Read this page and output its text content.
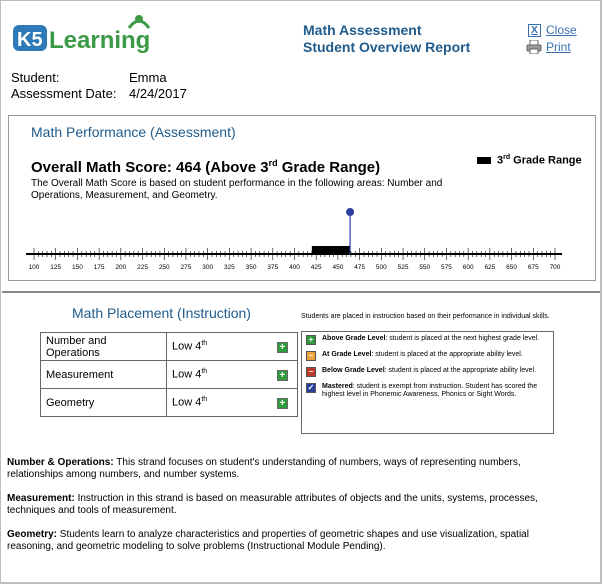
K5 Learning	Math Assessment
Student Overview Report
X Close
Print
Student:	Emma
Assessment Date: 4/24/2017
Math Performance (Assessment)
Overall Math Score: 464 (Above 3rd Grade Range)
The Overall Math Score is based on student performance in the following areas: Number and Operations, Measurement, and Geometry.
3rd Grade Range
100 125 150 175 200 225 250 275 300 325 350 375 400 425 450 475 500 525 550 575 600 625 650 675 700
Math Placement (Instruction)
Number and Operations	Low 4th	+
Measurement	Low 4th	+
Geometry	Low 4th	+
Students are placed in instruction based on their performance in individual skills.
+	Above Grade Level: student is placed at the next highest grade level.
−	At Grade Level: student is placed at the appropriate ability level.
−	Below Grade Level: student is placed at the appropriate ability level.
✓ Mastered: student is exempt from instruction. Student has scored the highest level in Phonemic Awareness, Phonics or Sight Words.
Number & Operations: This strand focuses on student's understanding of numbers, ways of representing numbers, relationships among numbers, and number systems.
Measurement: Instruction in this strand is based on measurable attributes of objects and the units, systems, processes, techniques and tools of measurement.
Geometry: Students learn to analyze characteristics and properties of geometric shapes and use visualization, spatial reasoning, and geometric modeling to solve problems (Instructional Module Pending).
